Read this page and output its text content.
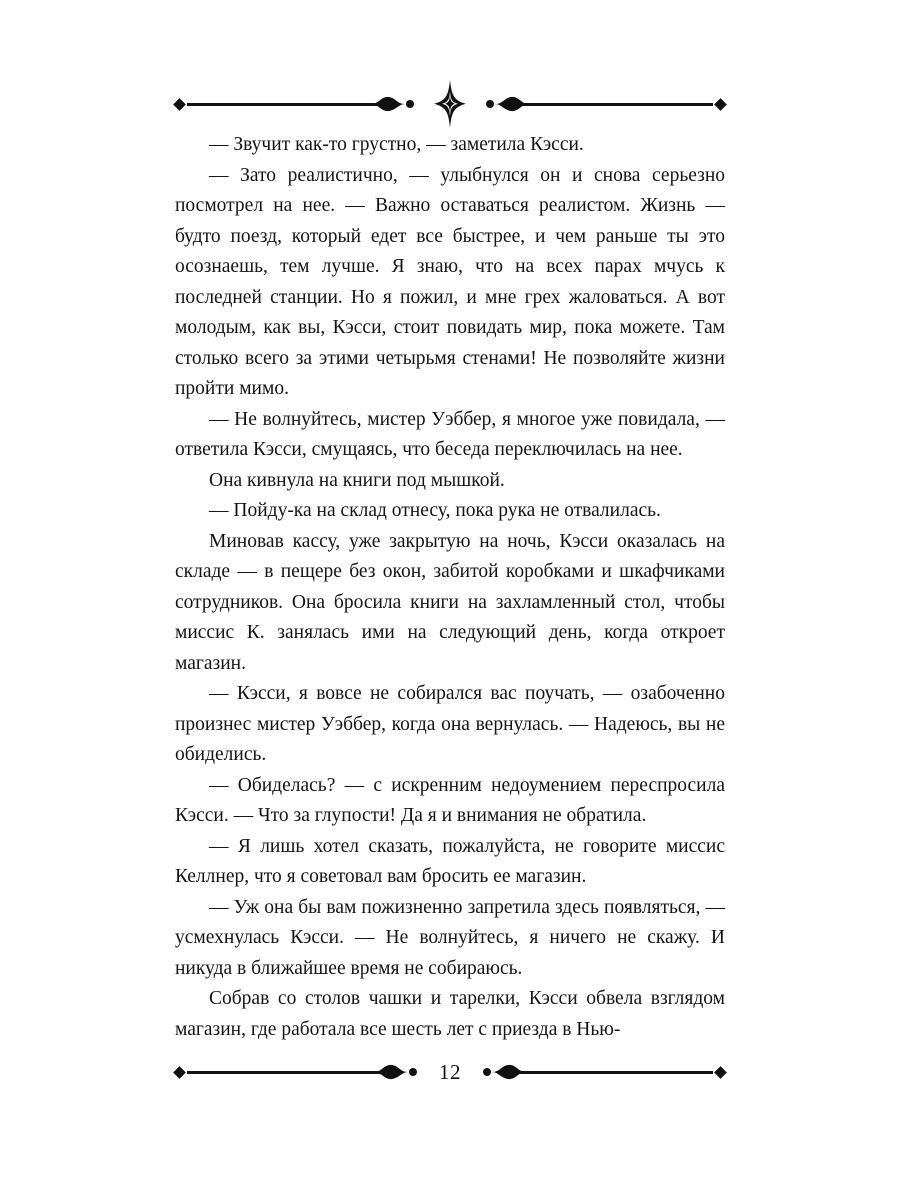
— Звучит как-то грустно, — заметила Кэсси.

— Зато реалистично, — улыбнулся он и снова серьезно посмотрел на нее. — Важно оставаться реалистом. Жизнь — будто поезд, который едет все быстрее, и чем раньше ты это осознаешь, тем лучше. Я знаю, что на всех парах мчусь к последней станции. Но я пожил, и мне грех жаловаться. А вот молодым, как вы, Кэсси, стоит повидать мир, пока можете. Там столько всего за этими четырьмя стенами! Не позволяйте жизни пройти мимо.

— Не волнуйтесь, мистер Уэббер, я многое уже повидала, — ответила Кэсси, смущаясь, что беседа переключилась на нее.

Она кивнула на книги под мышкой.

— Пойду-ка на склад отнесу, пока рука не отвалилась.

Миновав кассу, уже закрытую на ночь, Кэсси оказалась на складе — в пещере без окон, забитой коробками и шкафчиками сотрудников. Она бросила книги на захламленный стол, чтобы миссис К. занялась ими на следующий день, когда откроет магазин.

— Кэсси, я вовсе не собирался вас поучать, — озабоченно произнес мистер Уэббер, когда она вернулась. — Надеюсь, вы не обиделись.

— Обиделась? — с искренним недоумением переспросила Кэсси. — Что за глупости! Да я и внимания не обратила.

— Я лишь хотел сказать, пожалуйста, не говорите миссис Келлнер, что я советовал вам бросить ее магазин.

— Уж она бы вам пожизненно запретила здесь появляться, — усмехнулась Кэсси. — Не волнуйтесь, я ничего не скажу. И никуда в ближайшее время не собираюсь.

Собрав со столов чашки и тарелки, Кэсси обвела взглядом магазин, где работала все шесть лет с приезда в Нью-

12
